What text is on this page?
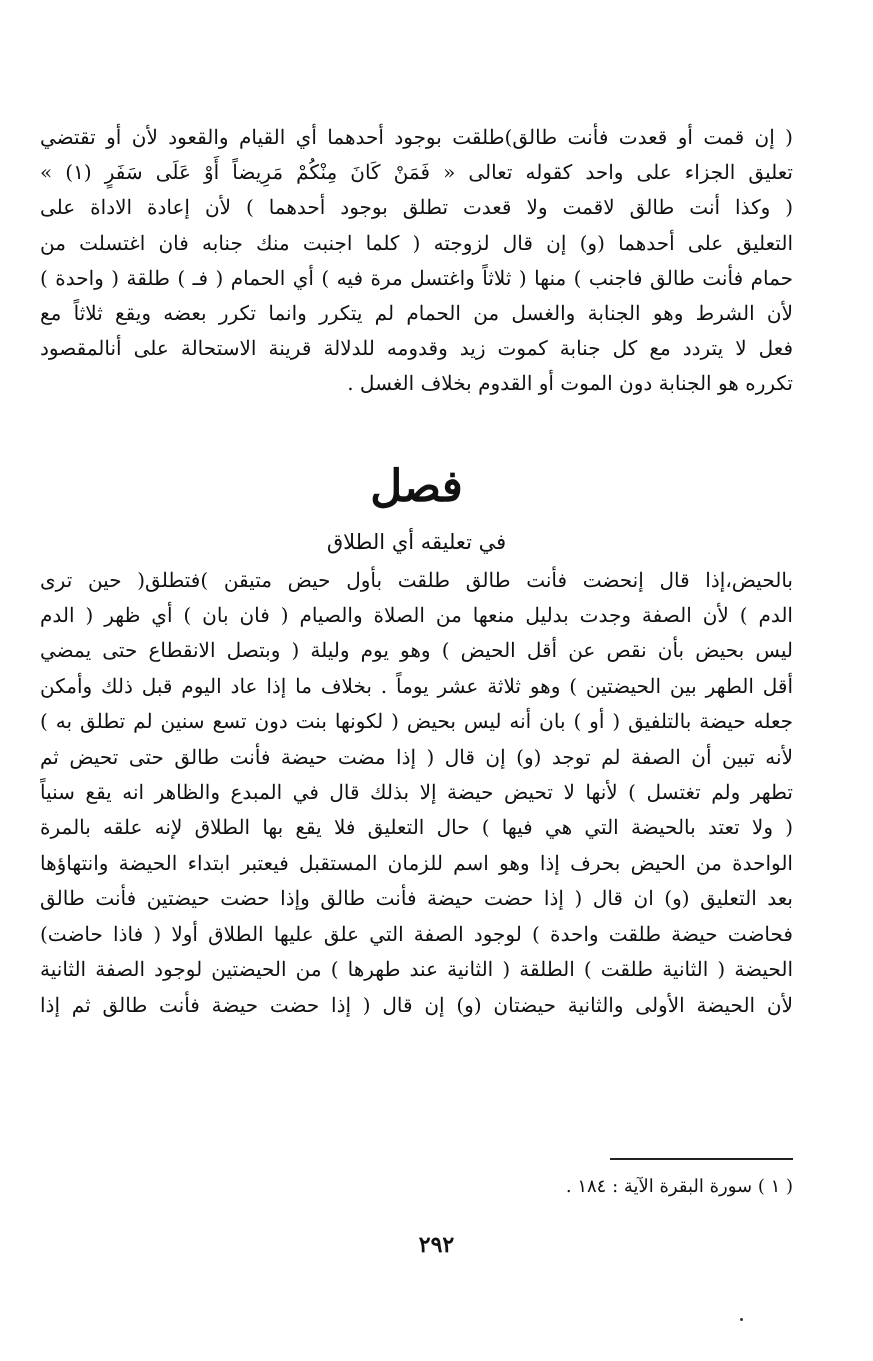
( إن قمت أو قعدت فأنت طالق)طلقت بوجود أحدهما أي القيام والقعود لأن أو تقتضي
تعليق الجزاء على واحد كقوله تعالى « فَمَنْ كَانَ مِنْكُمْ مَرِيضاً أَوْ عَلَى سَفَرٍ (١) »
( وكذا أنت طالق لاقمت ولا قعدت تطلق بوجود أحدهما ) لأن إعادة الاداة على
التعليق على أحدهما (و) إن قال لزوجته ( كلما اجنبت منك جنابه فان اغتسلت من
حمام فأنت طالق فاجنب ) منها ( ثلاثاً واغتسل مرة فيه ) أي الحمام ( فـ ) طلقة ( واحدة )
لأن الشرط وهو الجنابة والغسل من الحمام لم يتكرر وانما تكرر بعضه ويقع ثلاثاً مع
فعل لا يتردد مع كل جنابة كموت زيد وقدومه للدلالة قرينة الاستحالة على أنالمقصود
تكرره هو الجنابة دون الموت أو القدوم بخلاف الغسل .
فصل
في تعليقه أي الطلاق
بالحيض،إذا قال إنحضت فأنت طالق طلقت بأول حيض متيقن )فتطلق( حين ترى
الدم ) لأن الصفة وجدت بدليل منعها من الصلاة والصيام ( فان بان ) أي ظهر ( الدم
ليس بحيض بأن نقص عن أقل الحيض ) وهو يوم وليلة ( وبتصل الانقطاع حتى يمضي
أقل الطهر بين الحيضتين ) وهو ثلاثة عشر يوماً . بخلاف ما إذا عاد اليوم قبل ذلك وأمكن
جعله حيضة بالتلفيق ( أو ) بان أنه ليس بحيض ( لكونها بنت دون تسع سنين لم تطلق به )
لأنه تبين أن الصفة لم توجد (و) إن قال ( إذا مضت حيضة فأنت طالق حتى تحيض ثم
تطهر ولم تغتسل ) لأنها لا تحيض حيضة إلا بذلك قال في المبدع والظاهر انه يقع سنياً
( ولا تعتد بالحيضة التي هي فيها ) حال التعليق فلا يقع بها الطلاق لإنه علقه بالمرة
الواحدة من الحيض بحرف إذا وهو اسم للزمان المستقبل فيعتبر ابتداء الحيضة وانتهاؤها
بعد التعليق (و) ان قال ( إذا حضت حيضة فأنت طالق وإذا حضت حيضتين فأنت طالق
فحاضت حيضة طلقت واحدة ) لوجود الصفة التي علق عليها الطلاق أولا ( فاذا حاضت)
الحيضة ( الثانية طلقت ) الطلقة ( الثانية عند طهرها ) من الحيضتين لوجود الصفة الثانية
لأن الحيضة الأولى والثانية حيضتان (و) إن قال ( إذا حضت حيضة فأنت طالق ثم إذا
( ١ ) سورة البقرة الآية : ١٨٤ .
٢٩٢
